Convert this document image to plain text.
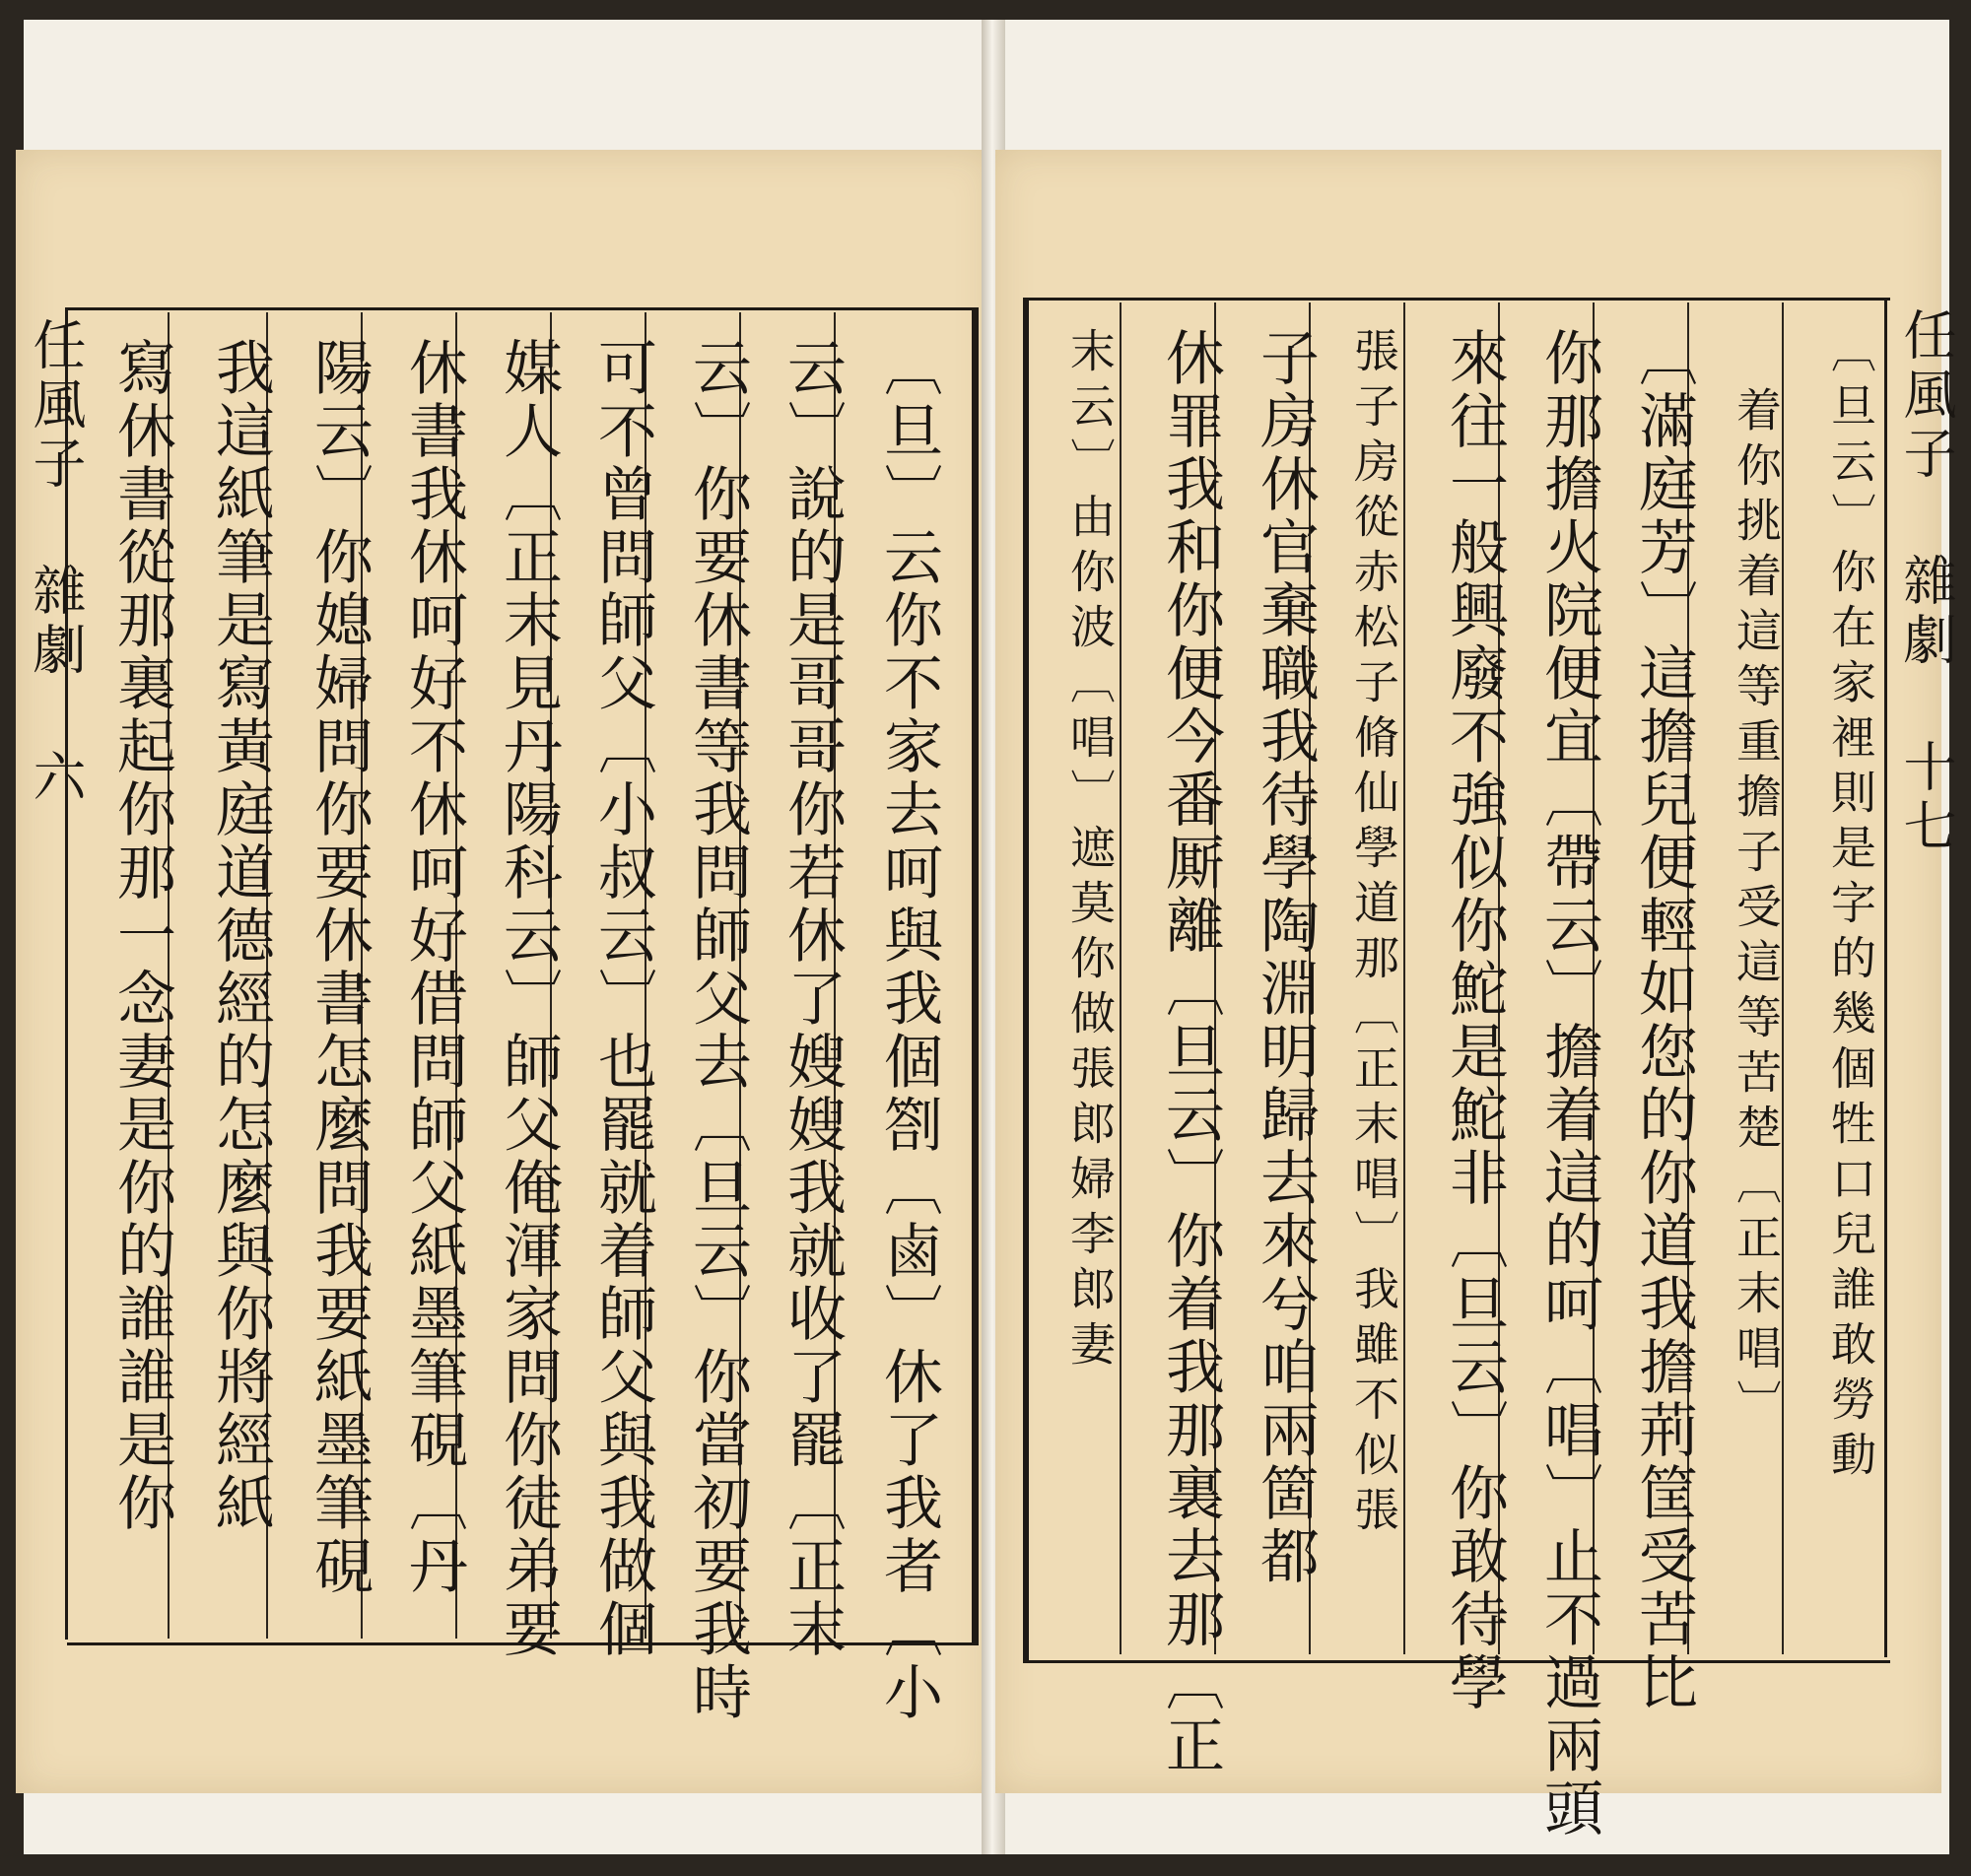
任風子 雜劇 六	〔旦〕云你不家去呵與我個劄〔鹵〕休了我者〔小
云〕說的是哥哥你若休了嫂嫂我就收了罷〔正末
云〕你要休書等我問師父去〔旦云〕你當初要我時
可不曾問師父〔小叔云〕也罷就着師父與我做個
媒人〔正末見丹陽科云〕師父俺渾家問你徒弟要
休書我休呵好不休呵好借問師父紙墨筆硯〔丹
陽云〕你媳婦問你要休書怎麼問我要紙墨筆硯
我這紙筆是寫黃庭道德經的怎麼與你將經紙
寫休書從那裏起你那一念妻是你的誰誰是你	任風子 雜劇 十七
〔旦云〕你在家裡則是字的幾個牲口兒誰敢勞動
着你挑着這等重擔子受這等苦楚〔正末唱〕
〔滿庭芳〕這擔兒便輕如您的你道我擔荊筐受苦比
你那擔火院便宜〔帶云〕擔着這的呵〔唱〕止不過兩頭
來往一般興廢不強似你鮀是鮀非〔旦云〕你敢待學
張子房從赤松子脩仙學道那〔正末唱〕我雖不似張
子房休官棄職我待學陶淵明歸去來兮咱兩箇都
休罪我和你便今番厮離〔旦云〕你着我那裏去那〔正
末云〕由你波〔唱〕遮莫你做張郎婦李郎妻
